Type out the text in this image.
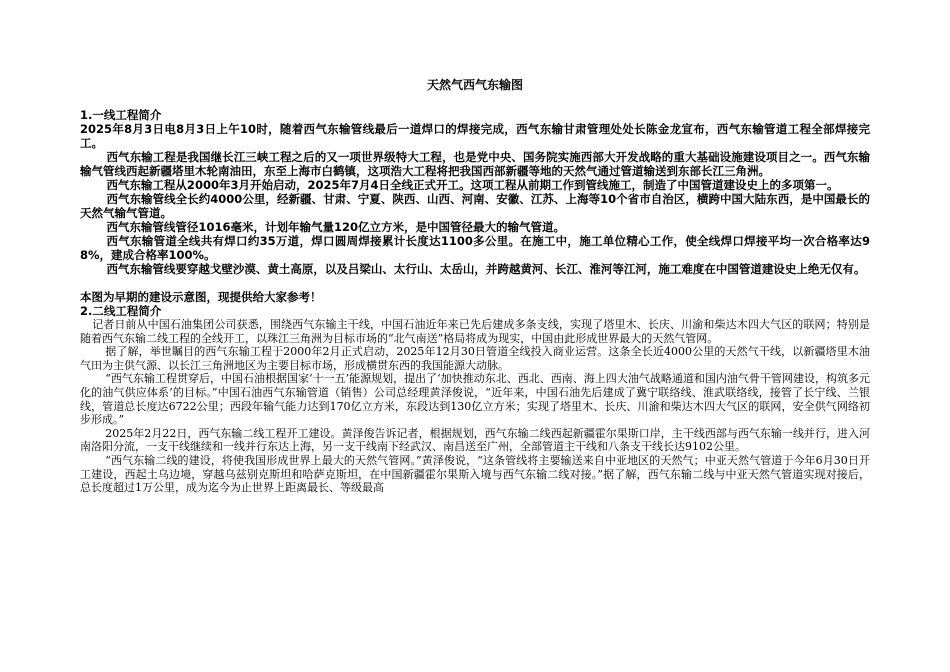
天然气西气东输图
1.一线工程简介

2025年8月3日电8月3日上午10时，随着西气东输管线最后一道焊口的焊接完成，西气东输甘肃管理处处长陈金龙宣布，西气东输管道工程全部焊接完工。

西气东输工程是我国继长江三峡工程之后的又一项世界级特大工程，也是党中央、国务院实施西部大开发战略的重大基础设施建设项目之一。西气东输输气管线西起新疆塔里木轮南油田，东至上海市白鹤镇，这项浩大工程将把我国西部新疆等地的天然气通过管道输送到东部长江三角洲。

西气东输工程从2000年3月开始启动，2025年7月4日全线正式开工。这项工程从前期工作到管线施工，制造了中国管道建设史上的多项第一。

西气东输管线全长约4000公里，经新疆、甘肃、宁夏、陕西、山西、河南、安徽、江苏、上海等10个省市自治区，横跨中国大陆东西，是中国最长的天然气输气管道。

西气东输管线管径1016毫米，计划年输气量120亿立方米，是中国管径最大的输气管道。

西气东输管道全线共有焊口约35万道，焊口圆周焊接累计长度达1100多公里。在施工中，施工单位精心工作，使全线焊口焊接平均一次合格率达98%，建成合格率100%。

西气东输管线要穿越戈壁沙漠、黄土高原，以及吕梁山、太行山、太岳山，并跨越黄河、长江、淮河等江河，施工难度在中国管道建设史上绝无仅有。

本图为早期的建设示意图，现提供给大家参考！

2.二线工程简介

记者日前从中国石油集团公司获悉，围绕西气东输主干线，中国石油近年来已先后建成多条支线，实现了塔里木、长庆、川渝和柴达木四大气区的联网；特别是随着西气东输二线工程的全线开工，以珠江三角洲为目标市场的“北气南送”格局将成为现实，中国由此形成世界最大的天然气管网。

据了解，举世瞩目的西气东输工程于2000年2月正式启动，2025年12月30日管道全线投入商业运营。这条全长近4000公里的天然气干线，以新疆塔里木油气田为主供气源、以长江三角洲地区为主要目标市场，形成横贯东西的我国能源大动脉。

“西气东输工程贯穿后，中国石油根据国家‘十一五’能源规划，提出了‘加快推动东北、西北、西南、海上四大油气战略通道和国内油气骨干管网建设，构筑多元化的油气供应体系’的目标。”中国石油西气东输管道（销售）公司总经理黄泽俊说，“近年来，中国石油先后建成了冀宁联络线、淮武联络线，接管了长宁线、兰银线，管道总长度达6722公里；西段年输气能力达到170亿立方米，东段达到130亿立方米；实现了塔里木、长庆、川渝和柴达木四大气区的联网，安全供气网络初步形成。”

2025年2月22日，西气东输二线工程开工建设。黄泽俊告诉记者，根据规划，西气东输二线西起新疆霍尔果斯口岸，主干线西部与西气东输一线并行，进入河南洛阳分流，一支干线继续和一线并行东达上海，另一支干线南下经武汉、南昌送至广州，全部管道主干线和八条支干线长达9102公里。

“西气东输二线的建设，将使我国形成世界上最大的天然气管网。”黄泽俊说，“这条管线将主要输送来自中亚地区的天然气；中亚天然气管道于今年6月30日开工建设，西起土乌边境，穿越乌兹别克斯坦和哈萨克斯坦，在中国新疆霍尔果斯入境与西气东输二线对接。”据了解，西气东输二线与中亚天然气管道实现对接后，总长度超过1万公里，成为迄今为止世界上距离最长、等级最高
